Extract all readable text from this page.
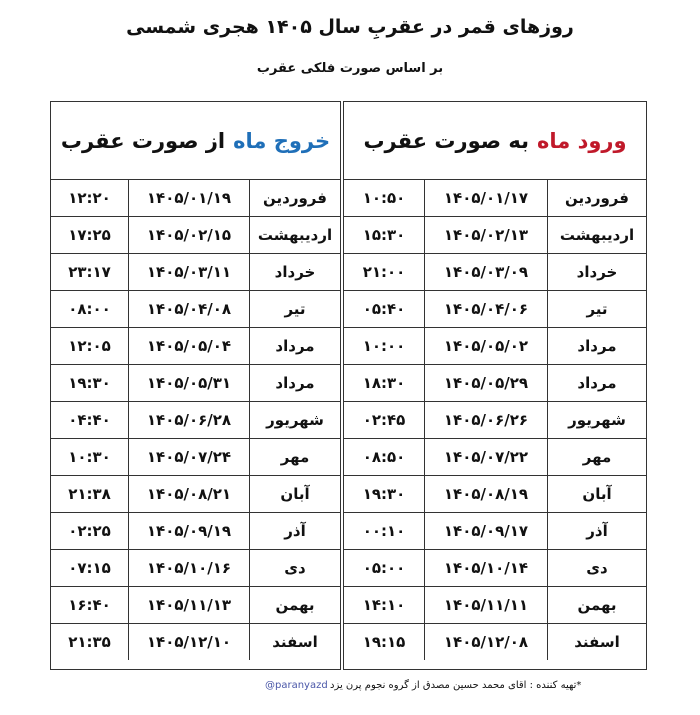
روزهای قمر در عقربِ سال ۱۴۰۵ هجری شمسی
بر اساس صورت فلکی عقرب
ورود ماه
به صورت عقرب
فروردین	۱۴۰۵/۰۱/۱۷	۱۰:۵۰
اردیبهشت	۱۴۰۵/۰۲/۱۳	۱۵:۳۰
خرداد	۱۴۰۵/۰۳/۰۹	۲۱:۰۰
تیر	۱۴۰۵/۰۴/۰۶	۰۵:۴۰
مرداد	۱۴۰۵/۰۵/۰۲	۱۰:۰۰
مرداد	۱۴۰۵/۰۵/۲۹	۱۸:۳۰
شهریور	۱۴۰۵/۰۶/۲۶	۰۲:۴۵
مهر	۱۴۰۵/۰۷/۲۲	۰۸:۵۰
آبان	۱۴۰۵/۰۸/۱۹	۱۹:۳۰
آذر	۱۴۰۵/۰۹/۱۷	۰۰:۱۰
دی	۱۴۰۵/۱۰/۱۴	۰۵:۰۰
بهمن	۱۴۰۵/۱۱/۱۱	۱۴:۱۰
اسفند	۱۴۰۵/۱۲/۰۸	۱۹:۱۵
خروج ماه
از صورت عقرب
فروردین	۱۴۰۵/۰۱/۱۹	۱۲:۲۰
اردیبهشت	۱۴۰۵/۰۲/۱۵	۱۷:۲۵
خرداد	۱۴۰۵/۰۳/۱۱	۲۳:۱۷
تیر	۱۴۰۵/۰۴/۰۸	۰۸:۰۰
مرداد	۱۴۰۵/۰۵/۰۴	۱۲:۰۵
مرداد	۱۴۰۵/۰۵/۳۱	۱۹:۳۰
شهریور	۱۴۰۵/۰۶/۲۸	۰۴:۴۰
مهر	۱۴۰۵/۰۷/۲۴	۱۰:۳۰
آبان	۱۴۰۵/۰۸/۲۱	۲۱:۳۸
آذر	۱۴۰۵/۰۹/۱۹	۰۲:۲۵
دی	۱۴۰۵/۱۰/۱۶	۰۷:۱۵
بهمن	۱۴۰۵/۱۱/۱۳	۱۶:۴۰
اسفند	۱۴۰۵/۱۲/۱۰	۲۱:۳۵
*تهیه کننده : اقای محمد حسین مصدق از گروه نجوم پرن یزد
@paranyazd
